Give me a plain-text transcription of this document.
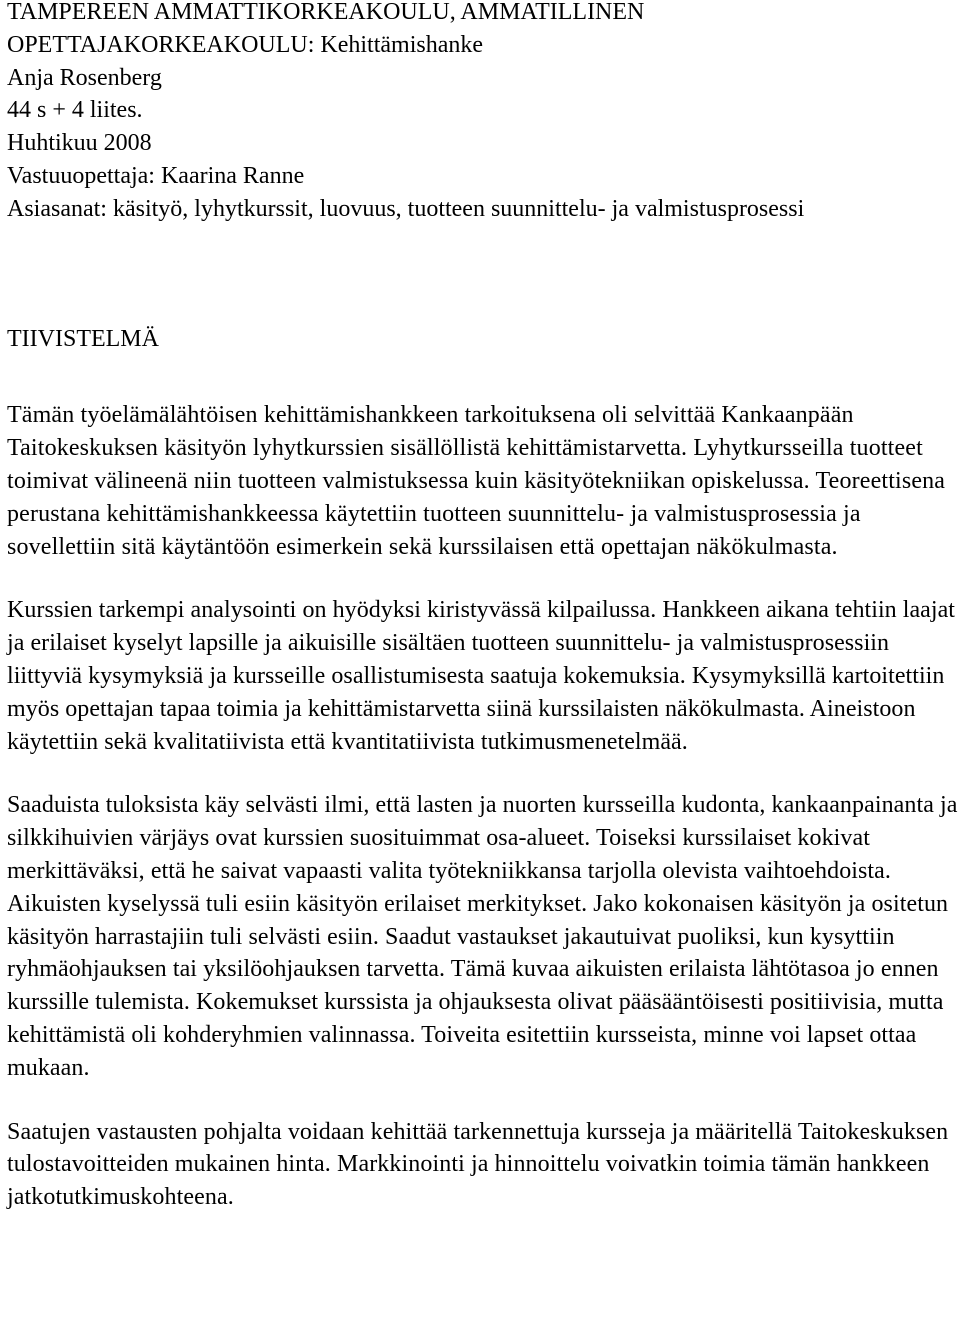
TAMPEREEN AMMATTIKORKEAKOULU, AMMATILLINEN
OPETTAJAKORKEAKOULU: Kehittämishanke
Anja Rosenberg
44 s + 4 liites.
Huhtikuu 2008
Vastuuopettaja: Kaarina Ranne
Asiasanat: käsityö, lyhytkurssit, luovuus, tuotteen suunnittelu- ja valmistusprosessi
TIIVISTELMÄ

Tämän työelämälähtöisen kehittämishankkeen tarkoituksena oli selvittää Kankaanpään Taitokeskuksen käsityön lyhytkurssien sisällöllistä kehittämistarvetta. Lyhytkursseilla tuotteet toimivat välineenä niin tuotteen valmistuksessa kuin käsityötekniikan opiskelussa. Teoreettisena perustana kehittämishankkeessa käytettiin tuotteen suunnittelu- ja valmistusprosessia ja sovellettiin sitä käytäntöön esimerkein sekä kurssilaisen että opettajan näkökulmasta.

Kurssien tarkempi analysointi on hyödyksi kiristyvässä kilpailussa. Hankkeen aikana tehtiin laajat ja erilaiset kyselyt lapsille ja aikuisille sisältäen tuotteen suunnittelu- ja valmistusprosessiin liittyviä kysymyksiä ja kursseille osallistumisesta saatuja kokemuksia. Kysymyksillä kartoitettiin myös opettajan tapaa toimia ja kehittämistarvetta siinä kurssilaisten näkökulmasta. Aineistoon käytettiin sekä kvalitatiivista että kvantitatiivista tutkimusmenetelmää.

Saaduista tuloksista käy selvästi ilmi, että lasten ja nuorten kursseilla kudonta, kankaanpainanta ja silkkihuivien värjäys ovat kurssien suosituimmat osa-alueet. Toiseksi kurssilaiset kokivat merkittäväksi, että he saivat vapaasti valita työtekniikkansa tarjolla olevista vaihtoehdoista. Aikuisten kyselyssä tuli esiin käsityön erilaiset merkitykset. Jako kokonaisen käsityön ja ositetun käsityön harrastajiin tuli selvästi esiin. Saadut vastaukset jakautuivat puoliksi, kun kysyttiin ryhmäohjauksen tai yksilöohjauksen tarvetta. Tämä kuvaa aikuisten erilaista lähtötasoa jo ennen kurssille tulemista. Kokemukset kurssista ja ohjauksesta olivat pääsääntöisesti positiivisia, mutta kehittämistä oli kohderyhmien valinnassa. Toiveita esitettiin kursseista, minne voi lapset ottaa mukaan.

Saatujen vastausten pohjalta voidaan kehittää tarkennettuja kursseja ja määritellä Taitokeskuksen tulostavoitteiden mukainen hinta. Markkinointi ja hinnoittelu voivatkin toimia tämän hankkeen jatkotutkimuskohteena.
